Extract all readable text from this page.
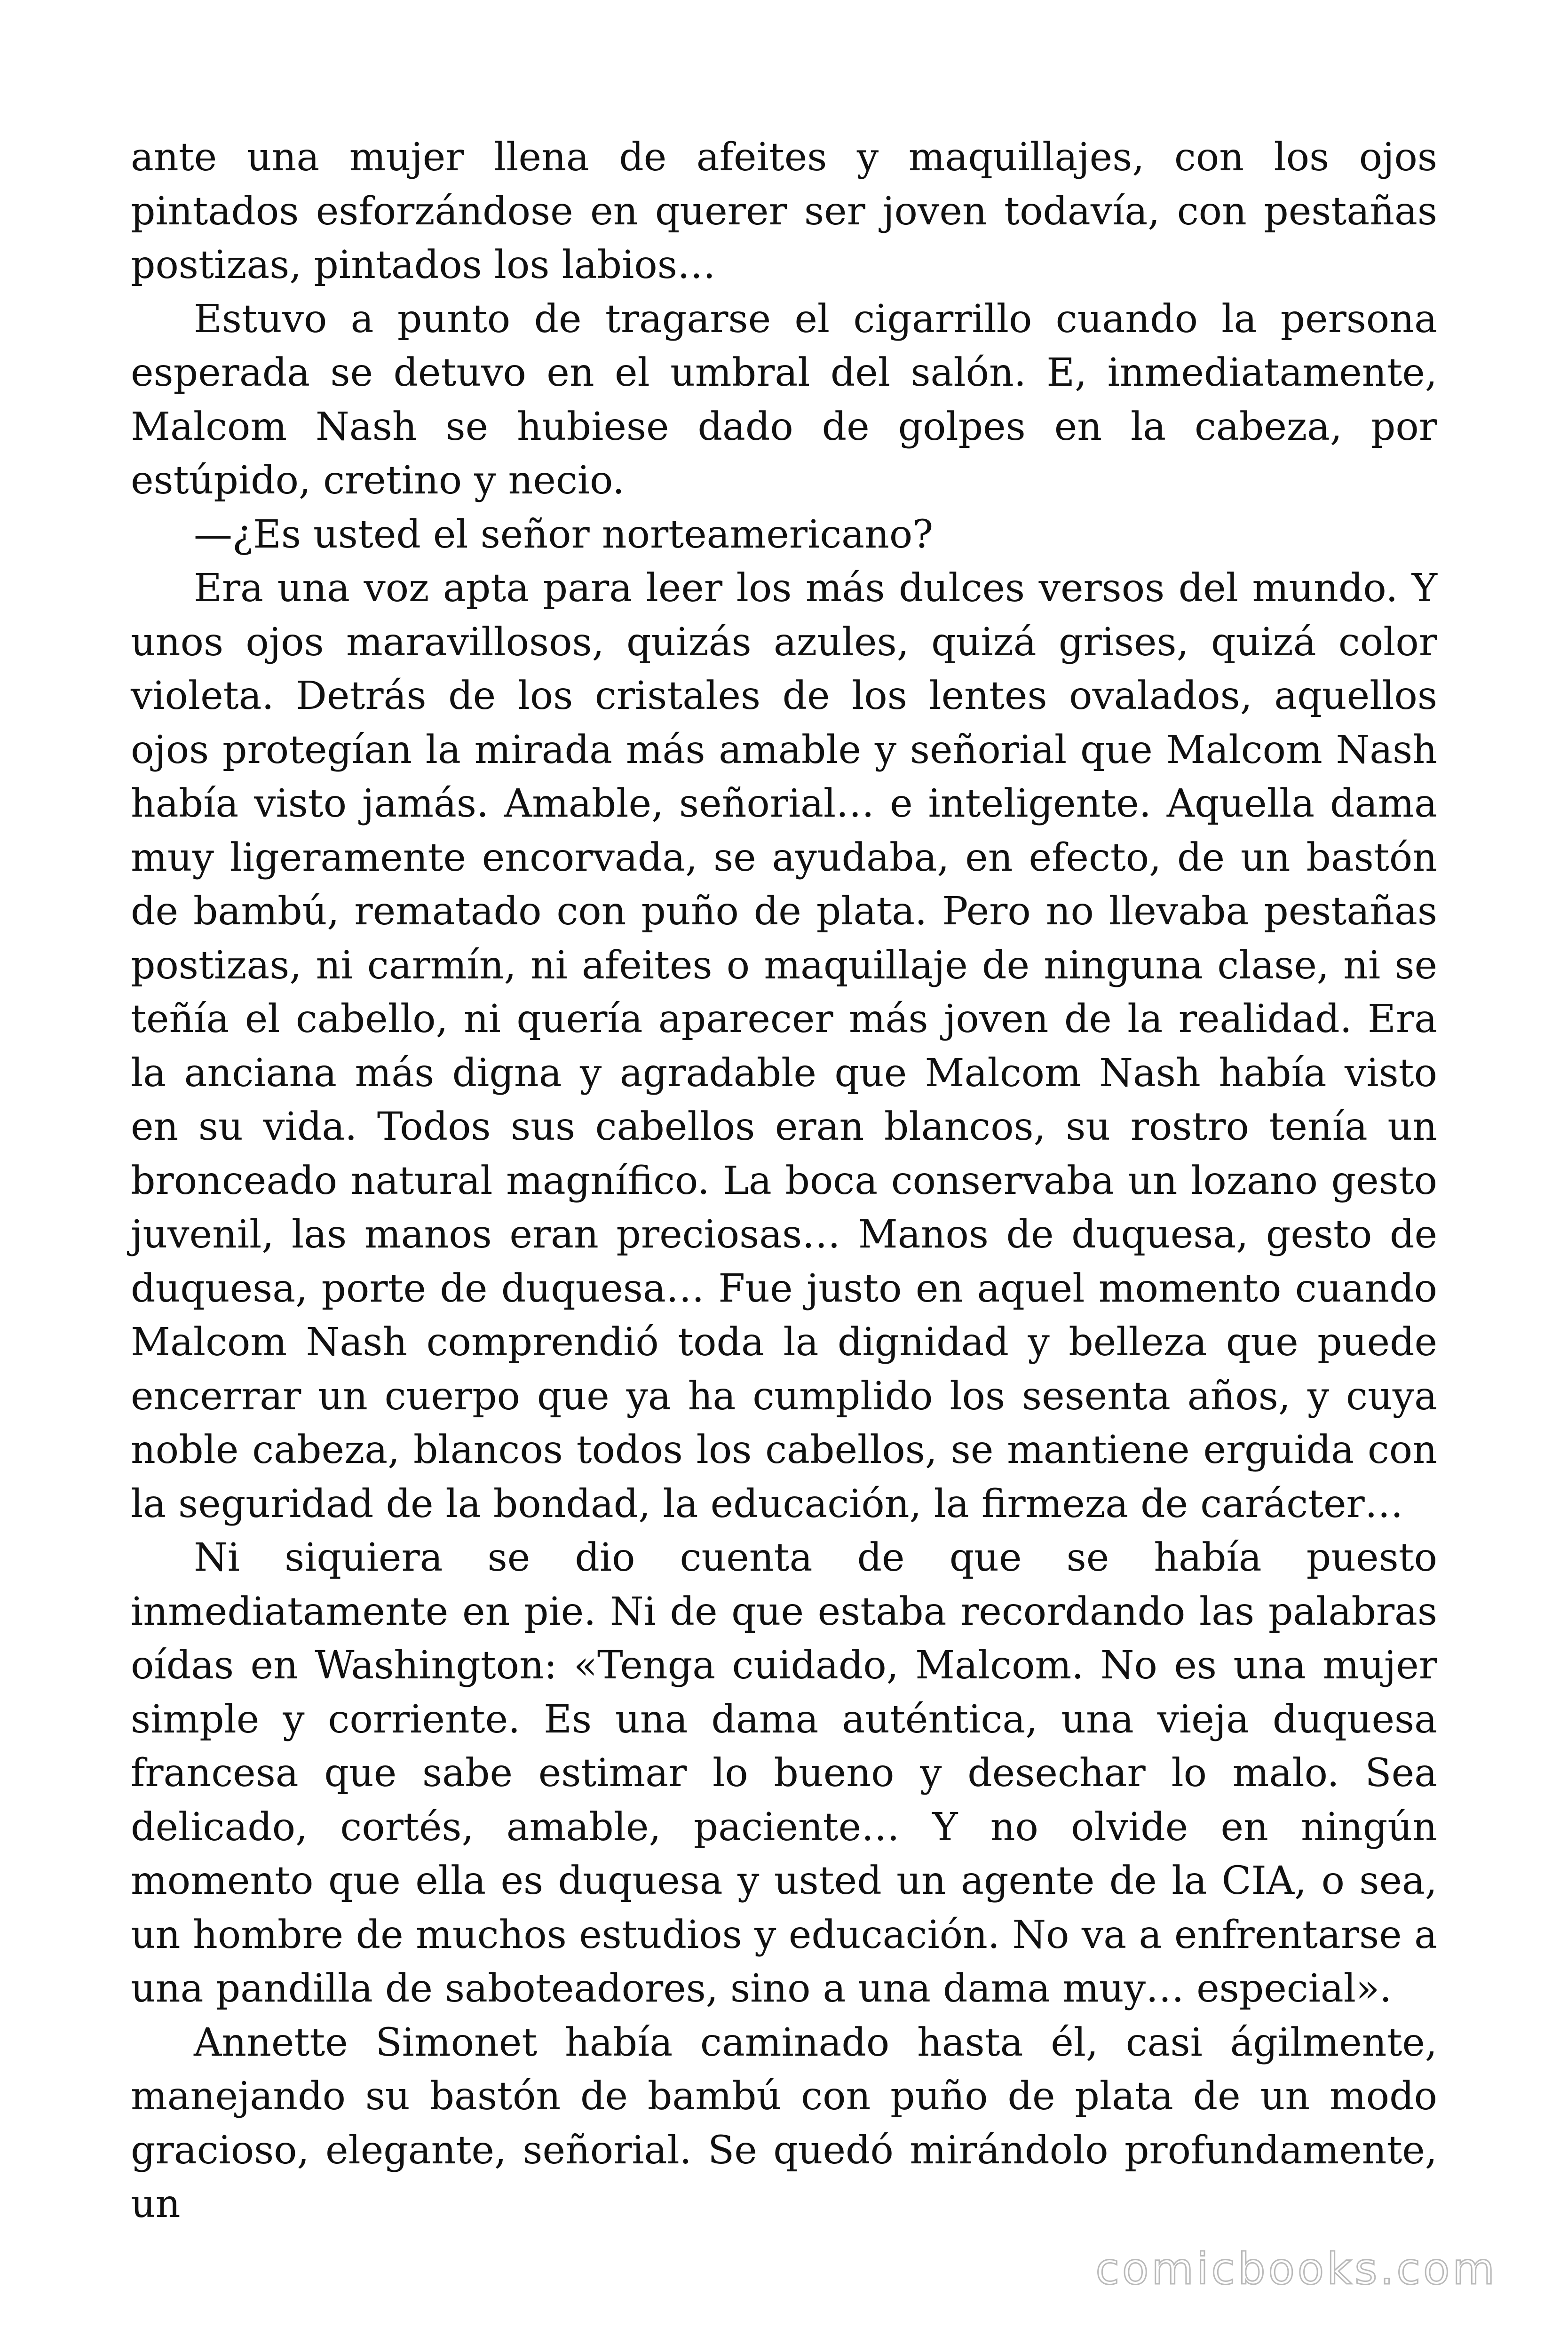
ante una mujer llena de afeites y maquillajes, con los ojos pintados esforzándose en querer ser joven todavía, con pestañas postizas, pintados los labios…

Estuvo a punto de tragarse el cigarrillo cuando la persona esperada se detuvo en el umbral del salón. E, inmediatamente, Malcom Nash se hubiese dado de golpes en la cabeza, por estúpido, cretino y necio.

—¿Es usted el señor norteamericano?

Era una voz apta para leer los más dulces versos del mundo. Y unos ojos maravillosos, quizás azules, quizá grises, quizá color violeta. Detrás de los cristales de los lentes ovalados, aquellos ojos protegían la mirada más amable y señorial que Malcom Nash había visto jamás. Amable, señorial… e inteligente. Aquella dama muy ligeramente encorvada, se ayudaba, en efecto, de un bastón de bambú, rematado con puño de plata. Pero no llevaba pestañas postizas, ni carmín, ni afeites o maquillaje de ninguna clase, ni se teñía el cabello, ni quería aparecer más joven de la realidad. Era la anciana más digna y agradable que Malcom Nash había visto en su vida. Todos sus cabellos eran blancos, su rostro tenía un bronceado natural magnífico. La boca conservaba un lozano gesto juvenil, las manos eran preciosas… Manos de duquesa, gesto de duquesa, porte de duquesa… Fue justo en aquel momento cuando Malcom Nash comprendió toda la dignidad y belleza que puede encerrar un cuerpo que ya ha cumplido los sesenta años, y cuya noble cabeza, blancos todos los cabellos, se mantiene erguida con la seguridad de la bondad, la educación, la firmeza de carácter…

Ni siquiera se dio cuenta de que se había puesto inmediatamente en pie. Ni de que estaba recordando las palabras oídas en Washington: «Tenga cuidado, Malcom. No es una mujer simple y corriente. Es una dama auténtica, una vieja duquesa francesa que sabe estimar lo bueno y desechar lo malo. Sea delicado, cortés, amable, paciente… Y no olvide en ningún momento que ella es duquesa y usted un agente de la CIA, o sea, un hombre de muchos estudios y educación. No va a enfrentarse a una pandilla de saboteadores, sino a una dama muy… especial».

Annette Simonet había caminado hasta él, casi ágilmente, manejando su bastón de bambú con puño de plata de un modo gracioso, elegante, señorial. Se quedó mirándolo profundamente, un

comicbooks.com
